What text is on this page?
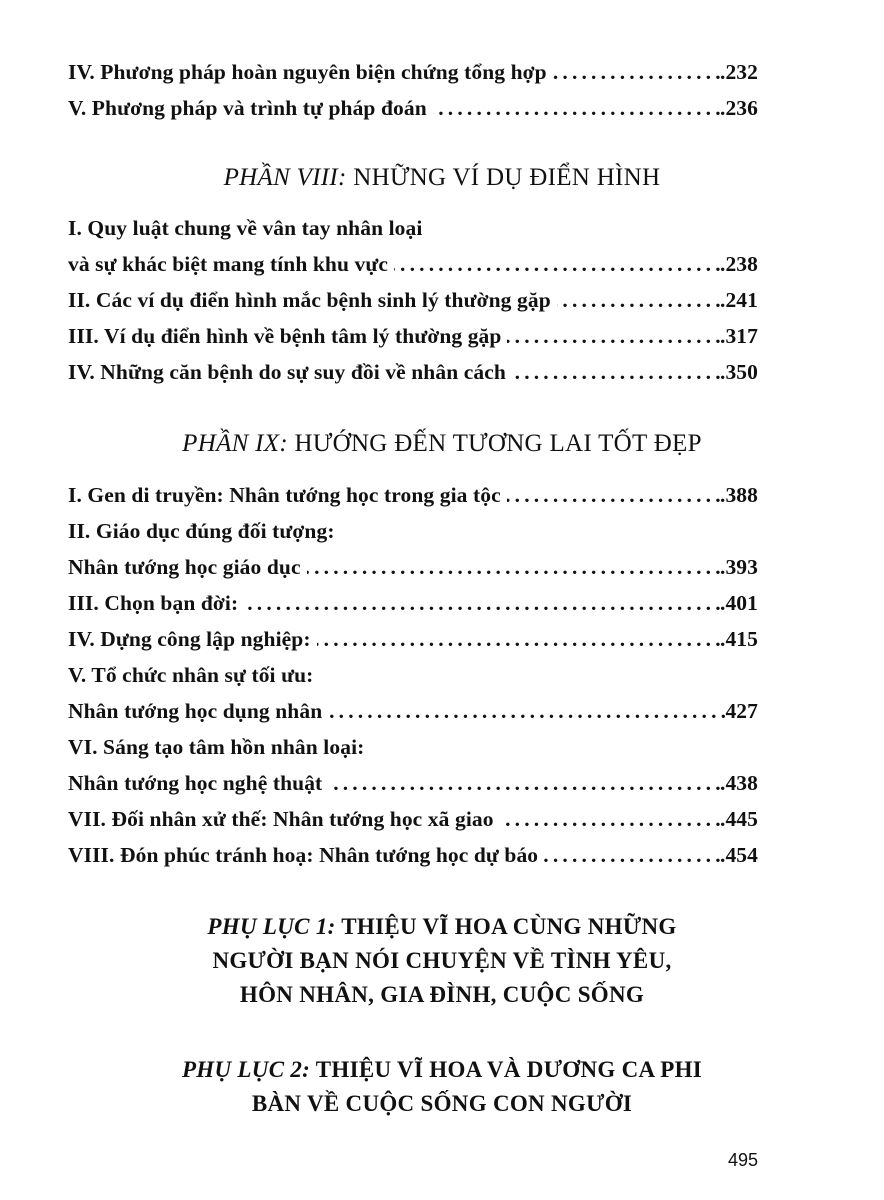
IV. Phương pháp hoàn nguyên biện chứng tổng hợp . . .	.232
V. Phương pháp và trình tự pháp đoán . . .	.236
PHẦN VIII: NHỮNG VÍ DỤ ĐIỂN HÌNH
I. Quy luật chung về vân tay nhân loại
và sự khác biệt mang tính khu vực . . .	.238
II. Các ví dụ điển hình mắc bệnh sinh lý thường gặp . . .	.241
III. Ví dụ điển hình về bệnh tâm lý thường gặp . . .	.317
IV. Những căn bệnh do sự suy đồi về nhân cách . . .	.350
PHẦN IX: HƯỚNG ĐẾN TƯƠNG LAI TỐT ĐẸP
I. Gen di truyền: Nhân tướng học trong gia tộc . . .	.388
II. Giáo dục đúng đối tượng:
Nhân tướng học giáo dục . . .	.393
III. Chọn bạn đời: . . .	.401
IV. Dựng công lập nghiệp: . . .	.415
V. Tổ chức nhân sự tối ưu:
Nhân tướng học dụng nhân . . .	427
VI. Sáng tạo tâm hồn nhân loại:
Nhân tướng học nghệ thuật . . .	.438
VII. Đối nhân xử thế: Nhân tướng học xã giao . . .	.445
VIII. Đón phúc tránh hoạ: Nhân tướng học dự báo . . .	.454
PHỤ LỤC 1: THIỆU VĨ HOA CÙNG NHỮNG
NGƯỜI BẠN NÓI CHUYỆN VỀ TÌNH YÊU,
HÔN NHÂN, GIA ĐÌNH, CUỘC SỐNG
PHỤ LỤC 2: THIỆU VĨ HOA VÀ DƯƠNG CA PHI
BÀN VỀ CUỘC SỐNG CON NGƯỜI
495
